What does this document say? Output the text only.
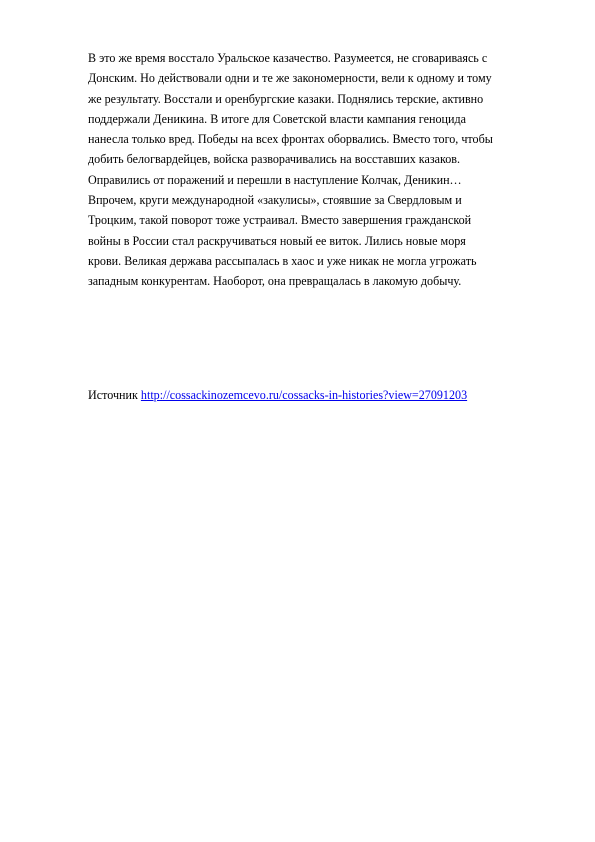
В это же время восстало Уральское казачество. Разумеется, не сговариваясь с
Донским. Но действовали одни и те же закономерности, вели к одному и тому
же результату. Восстали и оренбургские казаки. Поднялись терские, активно
поддержали Деникина. В итоге для Советской власти кампания геноцида
нанесла только вред. Победы на всех фронтах оборвались. Вместо того, чтобы
добить белогвардейцев, войска разворачивались на восставших казаков.
Оправились от поражений и перешли в наступление Колчак, Деникин…
Впрочем, круги международной «закулисы», стоявшие за Свердловым и
Троцким, такой поворот тоже устраивал. Вместо завершения гражданской
войны в России стал раскручиваться новый ее виток. Лились новые моря
крови. Великая держава рассыпалась в хаос и уже никак не могла угрожать
западным конкурентам. Наоборот, она превращалась в лакомую добычу.

Источник http://cossackinozemcevo.ru/cossacks-in-histories?view=27091203
